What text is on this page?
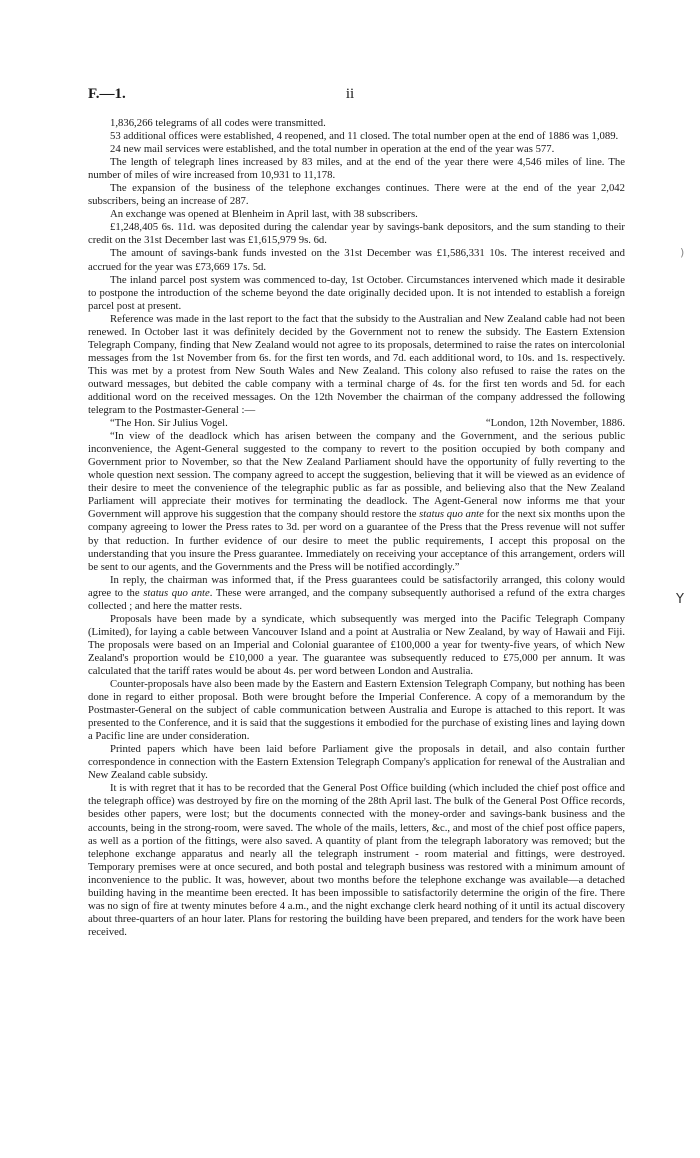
F.—1.	ii
)
Y

1,836,266 telegrams of all codes were transmitted.

53 additional offices were established, 4 reopened, and 11 closed. The total number open at the end of 1886 was 1,089.

24 new mail services were established, and the total number in operation at the end of the year was 577.

The length of telegraph lines increased by 83 miles, and at the end of the year there were 4,546 miles of line. The number of miles of wire increased from 10,931 to 11,178.

The expansion of the business of the telephone exchanges continues. There were at the end of the year 2,042 subscribers, being an increase of 287.

An exchange was opened at Blenheim in April last, with 38 subscribers.

£1,248,405 6s. 11d. was deposited during the calendar year by savings-bank depositors, and the sum standing to their credit on the 31st December last was £1,615,979 9s. 6d.

The amount of savings-bank funds invested on the 31st December was £1,586,331 10s. The interest received and accrued for the year was £73,669 17s. 5d.

The inland parcel post system was commenced to-day, 1st October. Circumstances intervened which made it desirable to postpone the introduction of the scheme beyond the date originally decided upon. It is not intended to establish a foreign parcel post at present.

Reference was made in the last report to the fact that the subsidy to the Australian and New Zealand cable had not been renewed. In October last it was definitely decided by the Government not to renew the subsidy. The Eastern Extension Telegraph Company, finding that New Zealand would not agree to its proposals, determined to raise the rates on intercolonial messages from the 1st November from 6s. for the first ten words, and 7d. each additional word, to 10s. and 1s. respectively. This was met by a protest from New South Wales and New Zealand. This colony also refused to raise the rates on the outward messages, but debited the cable company with a terminal charge of 4s. for the first ten words and 5d. for each additional word on the received messages. On the 12th November the chairman of the company addressed the following telegram to the Postmaster-General :—

“The Hon. Sir Julius Vogel.	“London, 12th November, 1886.

“In view of the deadlock which has arisen between the company and the Government, and the serious public inconvenience, the Agent-General suggested to the company to revert to the position occupied by both company and Government prior to November, so that the New Zealand Parliament should have the opportunity of fully reverting to the whole question next session. The company agreed to accept the suggestion, believing that it will be viewed as an evidence of their desire to meet the convenience of the telegraphic public as far as possible, and believing also that the New Zealand Parliament will appreciate their motives for terminating the deadlock. The Agent-General now informs me that your Government will approve his suggestion that the company should restore the status quo ante for the next six months upon the company agreeing to lower the Press rates to 3d. per word on a guarantee of the Press that the Press revenue will not suffer by that reduction. In further evidence of our desire to meet the public requirements, I accept this proposal on the understanding that you insure the Press guarantee. Immediately on receiving your acceptance of this arrangement, orders will be sent to our agents, and the Governments and the Press will be notified accordingly.”

In reply, the chairman was informed that, if the Press guarantees could be satisfactorily arranged, this colony would agree to the status quo ante. These were arranged, and the company subsequently authorised a refund of the extra charges collected ; and here the matter rests.

Proposals have been made by a syndicate, which subsequently was merged into the Pacific Telegraph Company (Limited), for laying a cable between Vancouver Island and a point at Australia or New Zealand, by way of Hawaii and Fiji. The proposals were based on an Imperial and Colonial guarantee of £100,000 a year for twenty-five years, of which New Zealand's proportion would be £10,000 a year. The guarantee was subsequently reduced to £75,000 per annum. It was calculated that the tariff rates would be about 4s. per word between London and Australia.

Counter-proposals have also been made by the Eastern and Eastern Extension Telegraph Company, but nothing has been done in regard to either proposal. Both were brought before the Imperial Conference. A copy of a memorandum by the Postmaster-General on the subject of cable communication between Australia and Europe is attached to this report. It was presented to the Conference, and it is said that the suggestions it embodied for the purchase of existing lines and laying down a Pacific line are under consideration.

Printed papers which have been laid before Parliament give the proposals in detail, and also contain further correspondence in connection with the Eastern Extension Telegraph Company's application for renewal of the Australian and New Zealand cable subsidy.

It is with regret that it has to be recorded that the General Post Office building (which included the chief post office and the telegraph office) was destroyed by fire on the morning of the 28th April last. The bulk of the General Post Office records, besides other papers, were lost; but the documents connected with the money-order and savings-bank business and the accounts, being in the strong-room, were saved. The whole of the mails, letters, &c., and most of the chief post office papers, as well as a portion of the fittings, were also saved. A quantity of plant from the telegraph laboratory was removed; but the telephone exchange apparatus and nearly all the telegraph instrument - room material and fittings, were destroyed. Temporary premises were at once secured, and both postal and telegraph business was restored with a minimum amount of inconvenience to the public. It was, however, about two months before the telephone exchange was available—a detached building having in the meantime been erected. It has been impossible to satisfactorily determine the origin of the fire. There was no sign of fire at twenty minutes before 4 a.m., and the night exchange clerk heard nothing of it until its actual discovery about three-quarters of an hour later. Plans for restoring the building have been prepared, and tenders for the work have been received.
